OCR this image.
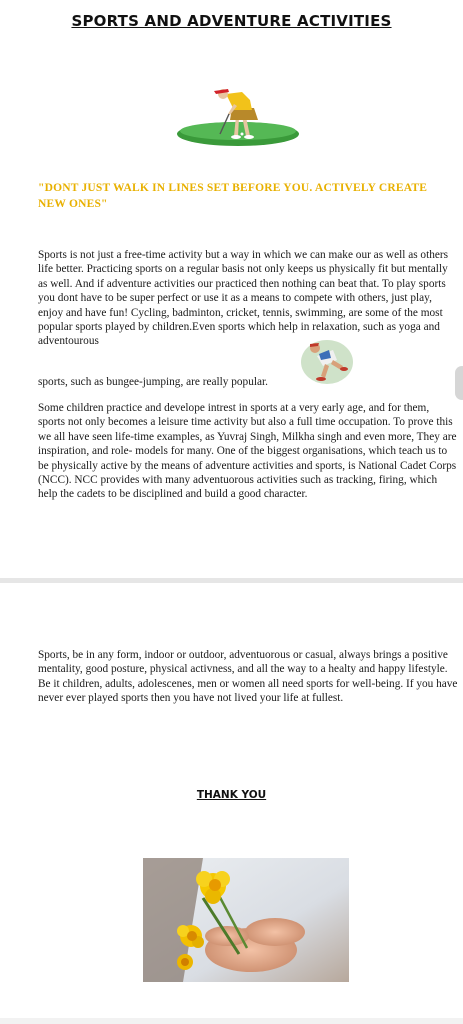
SPORTS AND ADVENTURE ACTIVITIES
"DONT JUST WALK IN LINES SET BEFORE YOU. ACTIVELY CREATE NEW ONES"

Sports is not just a free-time activity but a way in which we can make our as well as others life better. Practicing sports on a regular basis not only keeps us physically fit but mentally as well. And if adventure activities our practiced then nothing can beat that. To play sports you dont have to be super perfect or use it as a means to compete with others, just play, enjoy and have fun! Cycling, badminton, cricket, tennis, swimming, are some of the most popular sports played by children.Even sports which help in relaxation, such as yoga and adventourous

sports, such as bungee-jumping, are really popular.

Some children practice and develope intrest in sports at a very early age, and for them, sports not only becomes a leisure time activity but also a full time occupation. To prove this we all have seen life-time examples, as Yuvraj Singh, Milkha singh and even more, They are inspiration, and role- models for many. One of the biggest organisations, which teach us to be physically active by the means of adventure activities and sports, is National Cadet Corps (NCC). NCC provides with many adventuorous activities such as tracking, firing, which help the cadets to be disciplined and build a good character.

Sports, be in any form, indoor or outdoor, adventuorous or casual, always brings a positive mentality, good posture, physical activness, and all the way to a healty and happy lifestyle. Be it children, adults, adolescenes, men or women all need sports for well-being. If you have never ever played sports then you have not lived your life at fullest.

THANK YOU
